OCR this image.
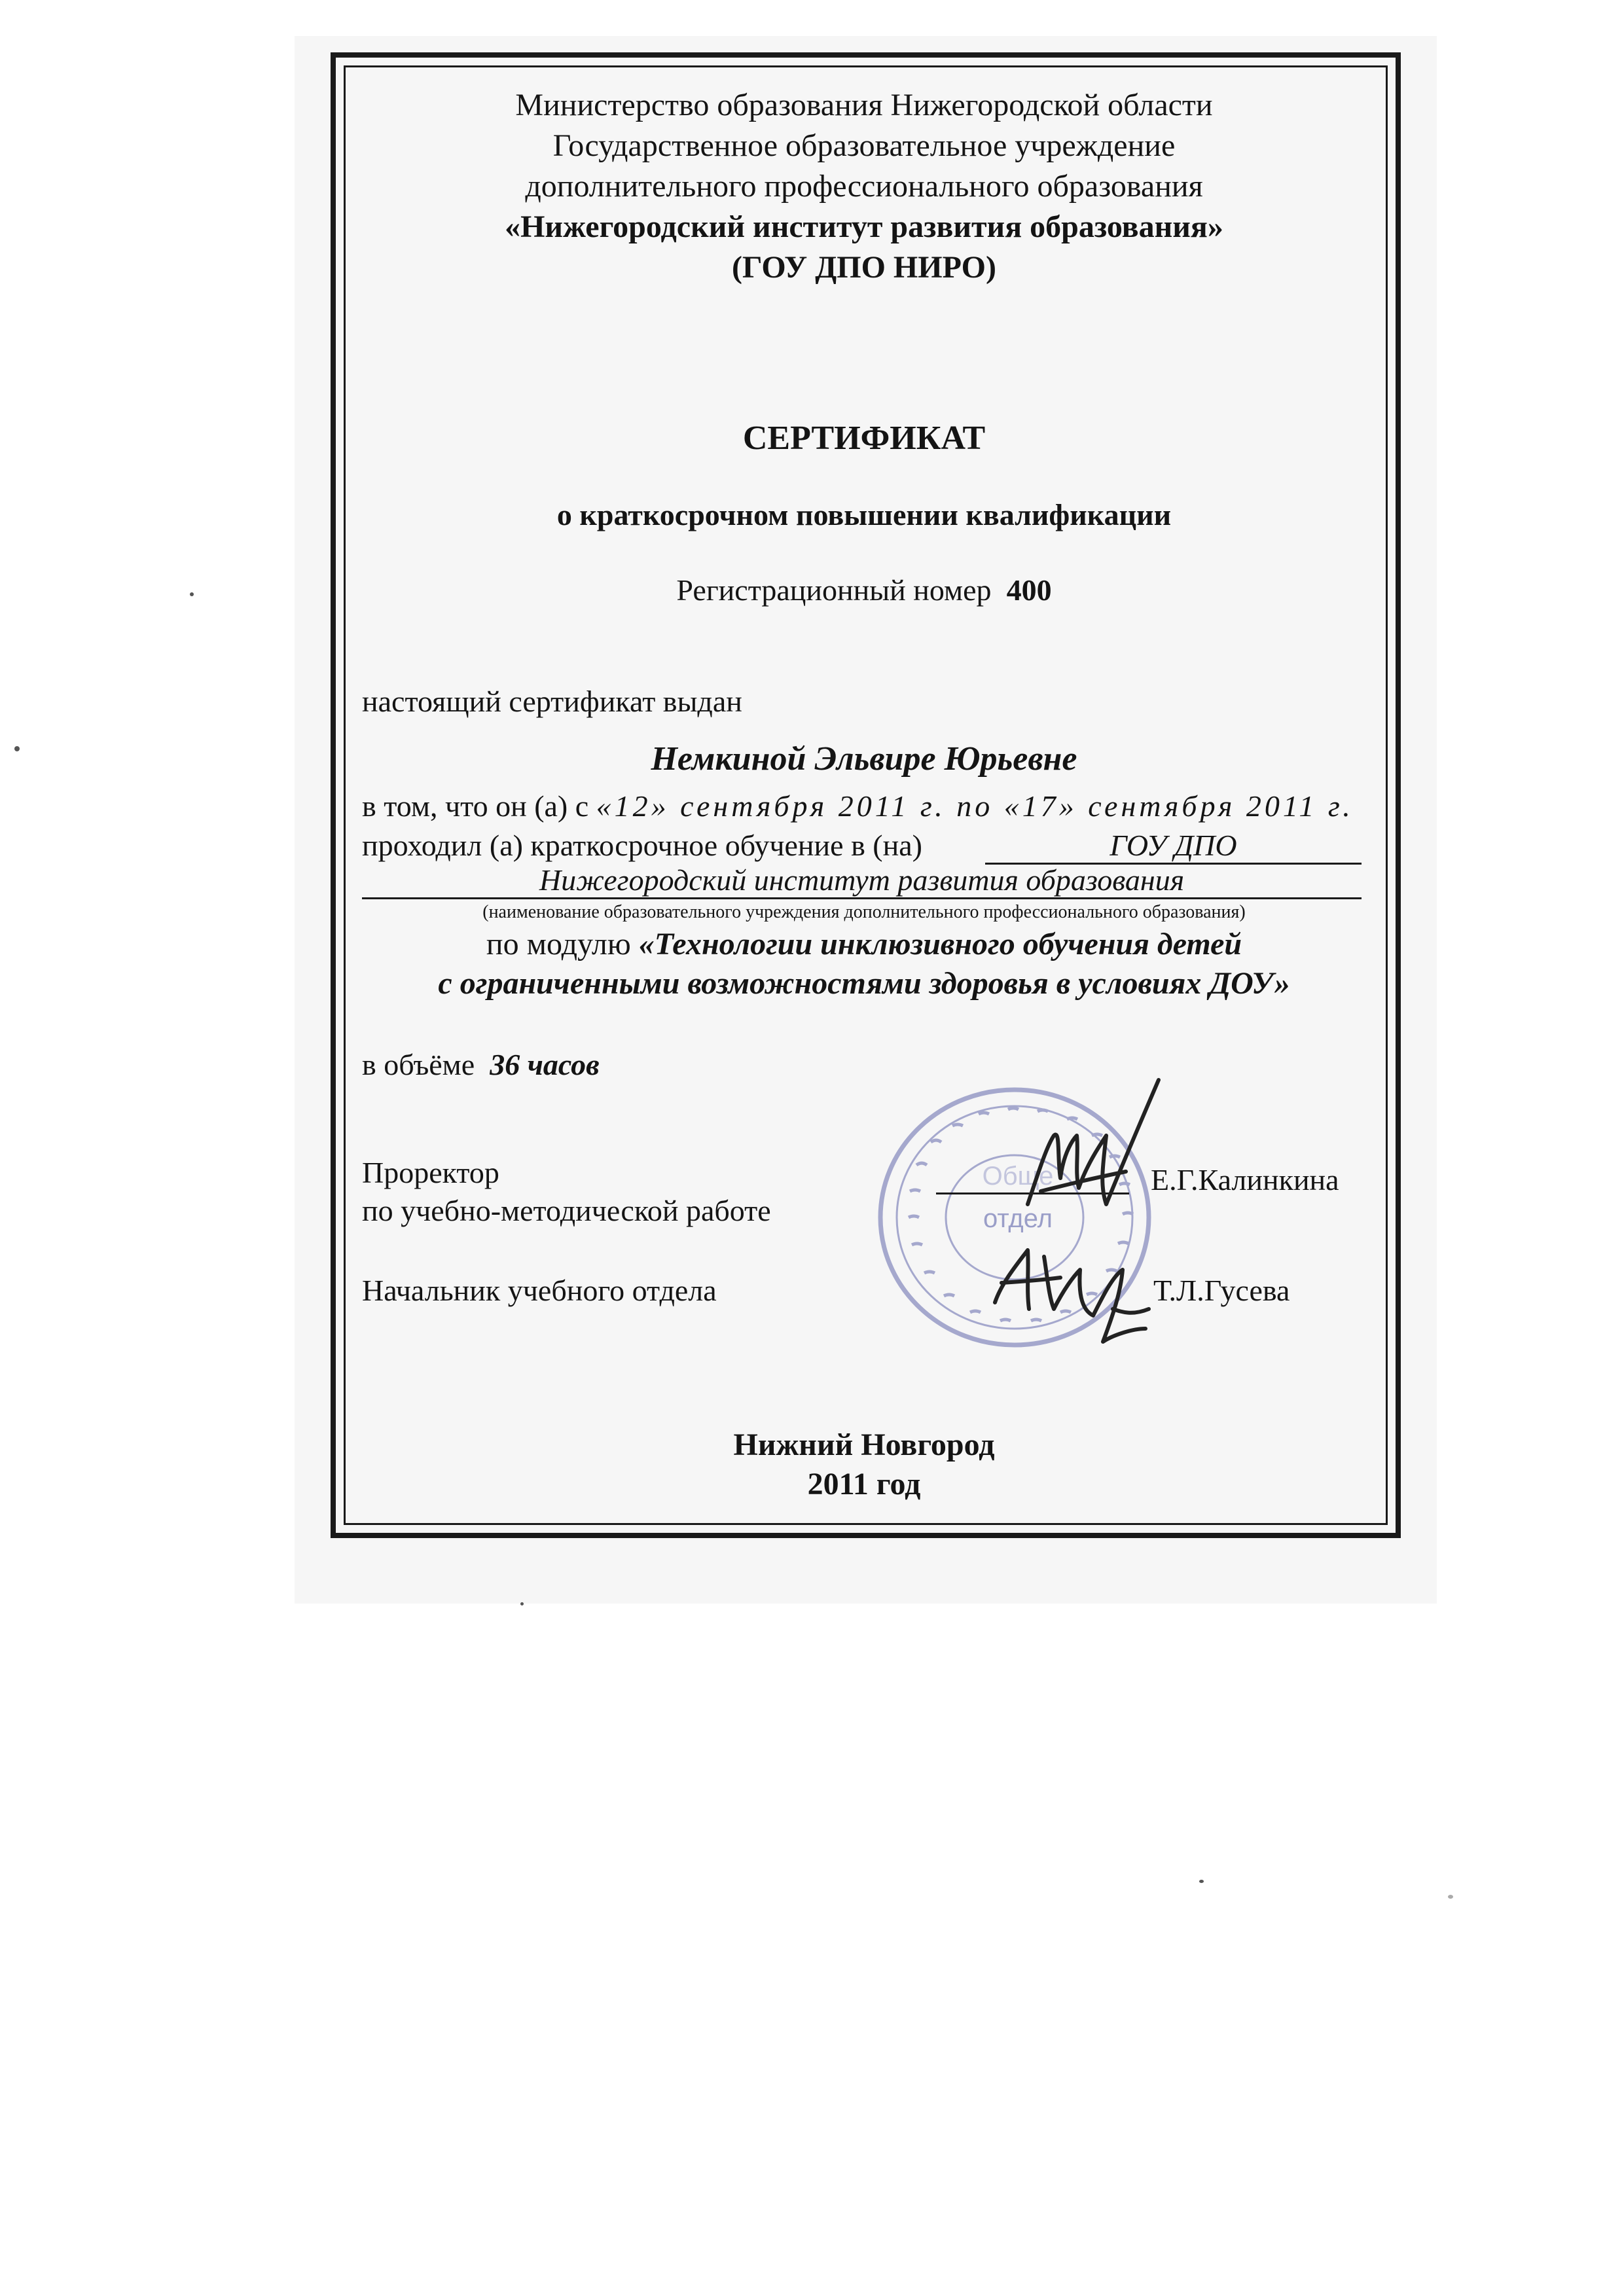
Министерство образования Нижегородской области
Государственное образовательное учреждение
дополнительного профессионального образования
«Нижегородский институт развития образования»
(ГОУ ДПО НИРО)
СЕРТИФИКАТ
о краткосрочном повышении квалификации
Регистрационный номер 400
настоящий сертификат выдан
Немкиной Эльвире Юрьевне
в том, что он (а) с «12» сентября 2011 г. по «17» сентября 2011 г.
проходил (а) краткосрочное обучение в (на)	ГОУ ДПО
Нижегородский институт развития образования
(наименование образовательного учреждения дополнительного профессионального образования)
по модулю «Технологии инклюзивного обучения детей
с ограниченными возможностями здоровья в условиях ДОУ»
в объёме 36 часов
Обще
отдел
Проректор
по учебно-методической работе
Е.Г.Калинкина
Начальник учебного отдела	Т.Л.Гусева
Нижний Новгород
2011 год
